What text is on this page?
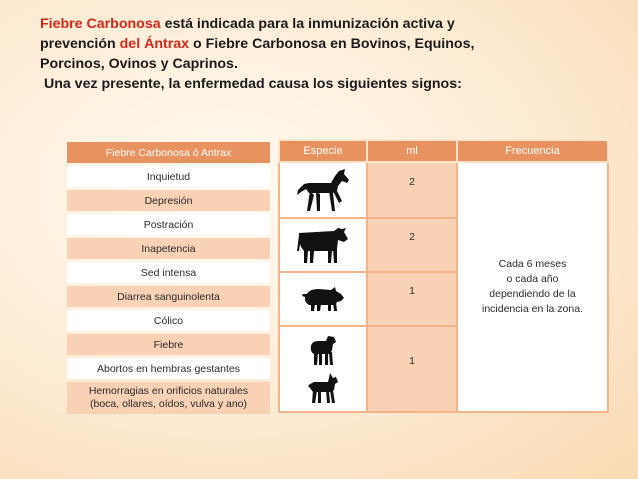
Fiebre Carbonosa está indicada para la inmunización activa y

prevención del Ántrax o Fiebre Carbonosa en Bovinos, Equinos,

Porcinos, Ovinos y Caprinos.

Una vez presente, la enfermedad causa los siguientes signos:

Fiebre Carbonosa ó Antrax
Inquietud
Depresión
Postración
Inapetencia
Sed intensa
Diarrea sanguinolenta
Cólico
Fiebre
Abortos en hembras gestantes
Hemorragias en orificios naturales
(boca, ollares, oídos, vulva y ano)
Especie	ml	Frecuencia

	2	Cada 6 meses
o cada año
dependiendo de la
incidencia en la zona.

	2	

	1	

	1	
